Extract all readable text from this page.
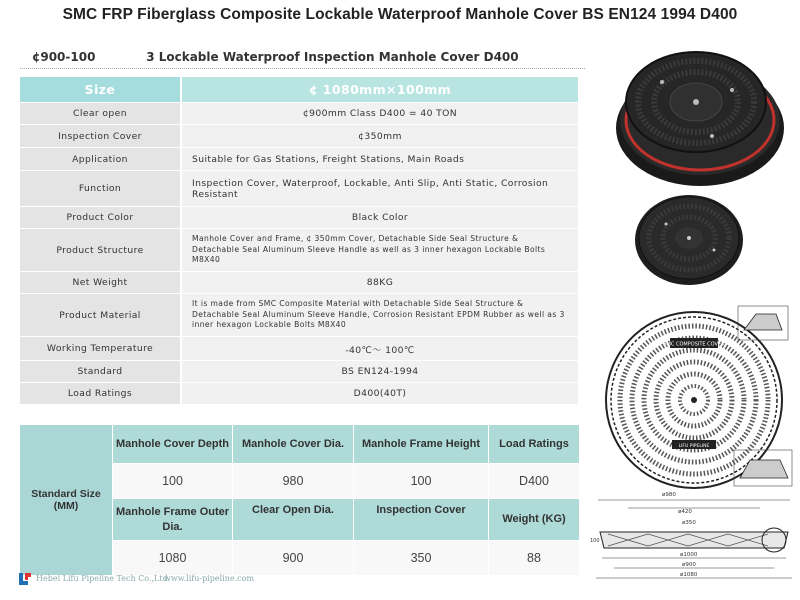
SMC FRP Fiberglass Composite Lockable Waterproof Manhole Cover BS EN124 1994 D400
¢900-100	3 Lockable Waterproof Inspection Manhole Cover D400
Size	¢ 1080mm×100mm
Clear open	¢900mm Class D400 = 40 TON
Inspection Cover	¢350mm
Application	Suitable for Gas Stations, Freight Stations, Main Roads
Function	Inspection Cover, Waterproof, Lockable, Anti Slip, Anti Static, Corrosion Resistant
Product Color	Black Color
Product Structure	Manhole Cover and Frame, ¢ 350mm Cover, Detachable Side Seal Structure & Detachable Seal Aluminum Sleeve Handle as well as 3 inner hexagon Lockable Bolts M8X40
Net Weight	88KG
Product Material	It is made from SMC Composite Material with Detachable Side Seal Structure & Detachable Seal Aluminum Sleeve Handle, Corrosion Resistant EPDM Rubber as well as 3 inner hexagon Lockable Bolts M8X40
Working Temperature	-40℃～ 100℃
Standard	BS EN124-1994
Load Ratings	D400(40T)
Standard Size (MM)	Manhole Cover Depth	Manhole Cover Dia.	Manhole Frame Height	Load Ratings
	100	980	100	D400
	Manhole Frame Outer Dia.	Clear Open Dia.	Inspection Cover	Weight (KG)
	1080	900	350	88
Hebei Lifu Pipeline Tech Co.,Ltd
www.lifu-pipeline.com
SMC COMPOSITE COVER
LIFU PIPELINE
ø980
ø420
ø350
100
ø1000
ø900
ø1080
